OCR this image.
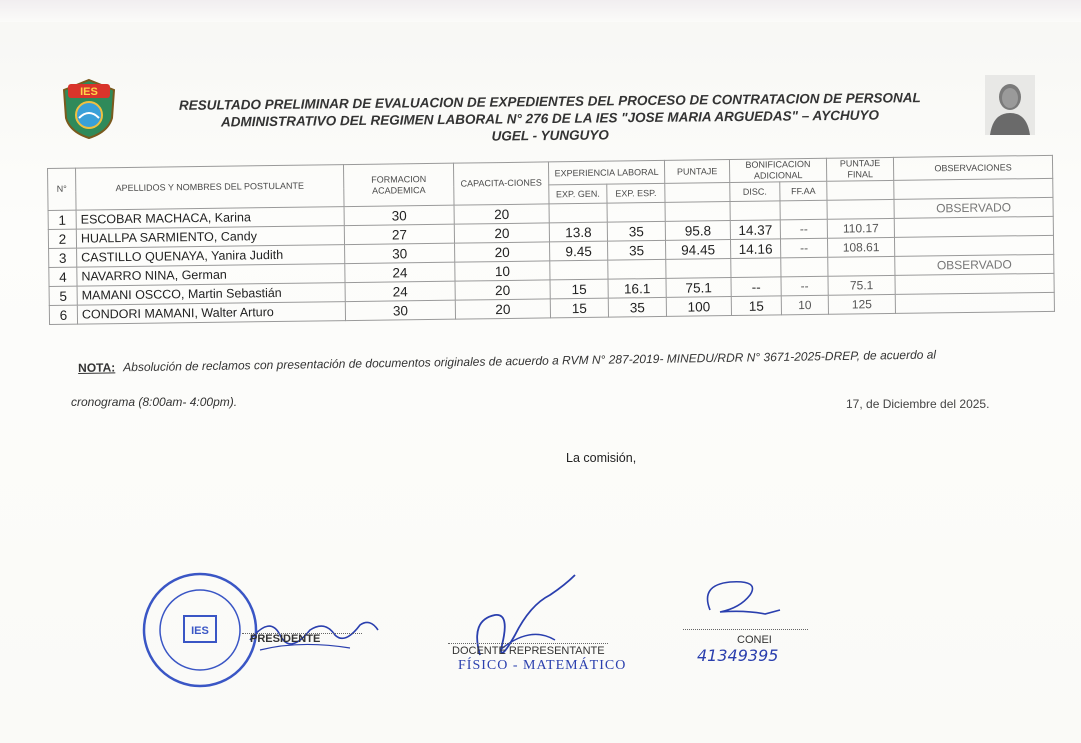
IES	RESULTADO PRELIMINAR DE EVALUACION DE EXPEDIENTES DEL PROCESO DE CONTRATACION DE PERSONAL
ADMINISTRATIVO DEL REGIMEN LABORAL N° 276 DE LA IES "JOSE MARIA ARGUEDAS" – AYCHUYO
UGEL - YUNGUYO
N°	APELLIDOS Y NOMBRES DEL POSTULANTE	FORMACION ACADEMICA	CAPACITA-CIONES	EXPERIENCIA LABORAL		PUNTAJE	BONIFICACION ADICIONAL		PUNTAJE FINAL	OBSERVACIONES
				EXP. GEN.	EXP. ESP.		DISC.	FF.AA		
1	ESCOBAR MACHACA, Karina	30	20							OBSERVADO
2	HUALLPA SARMIENTO, Candy	27	20	13.8	35	95.8	14.37	--	110.17	
3	CASTILLO QUENAYA, Yanira Judith	30	20	9.45	35	94.45	14.16	--	108.61	
4	NAVARRO NINA, German	24	10							OBSERVADO
5	MAMANI OSCCO, Martin Sebastián	24	20	15	16.1	75.1	--	--	75.1	
6	CONDORI MAMANI, Walter Arturo	30	20	15	35	100	15	10	125	
NOTA: Absolución de reclamos con presentación de documentos originales de acuerdo a RVM N° 287-2019- MINEDU/RDR N° 3671-2025-DREP, de acuerdo al
cronograma (8:00am- 4:00pm).	17, de Diciembre del 2025.
La comisión,
IES
PRESIDENTE
DOCENTE REPRESENTANTE
FÍSICO - MATEMÁTICO
CONEI
41349395
